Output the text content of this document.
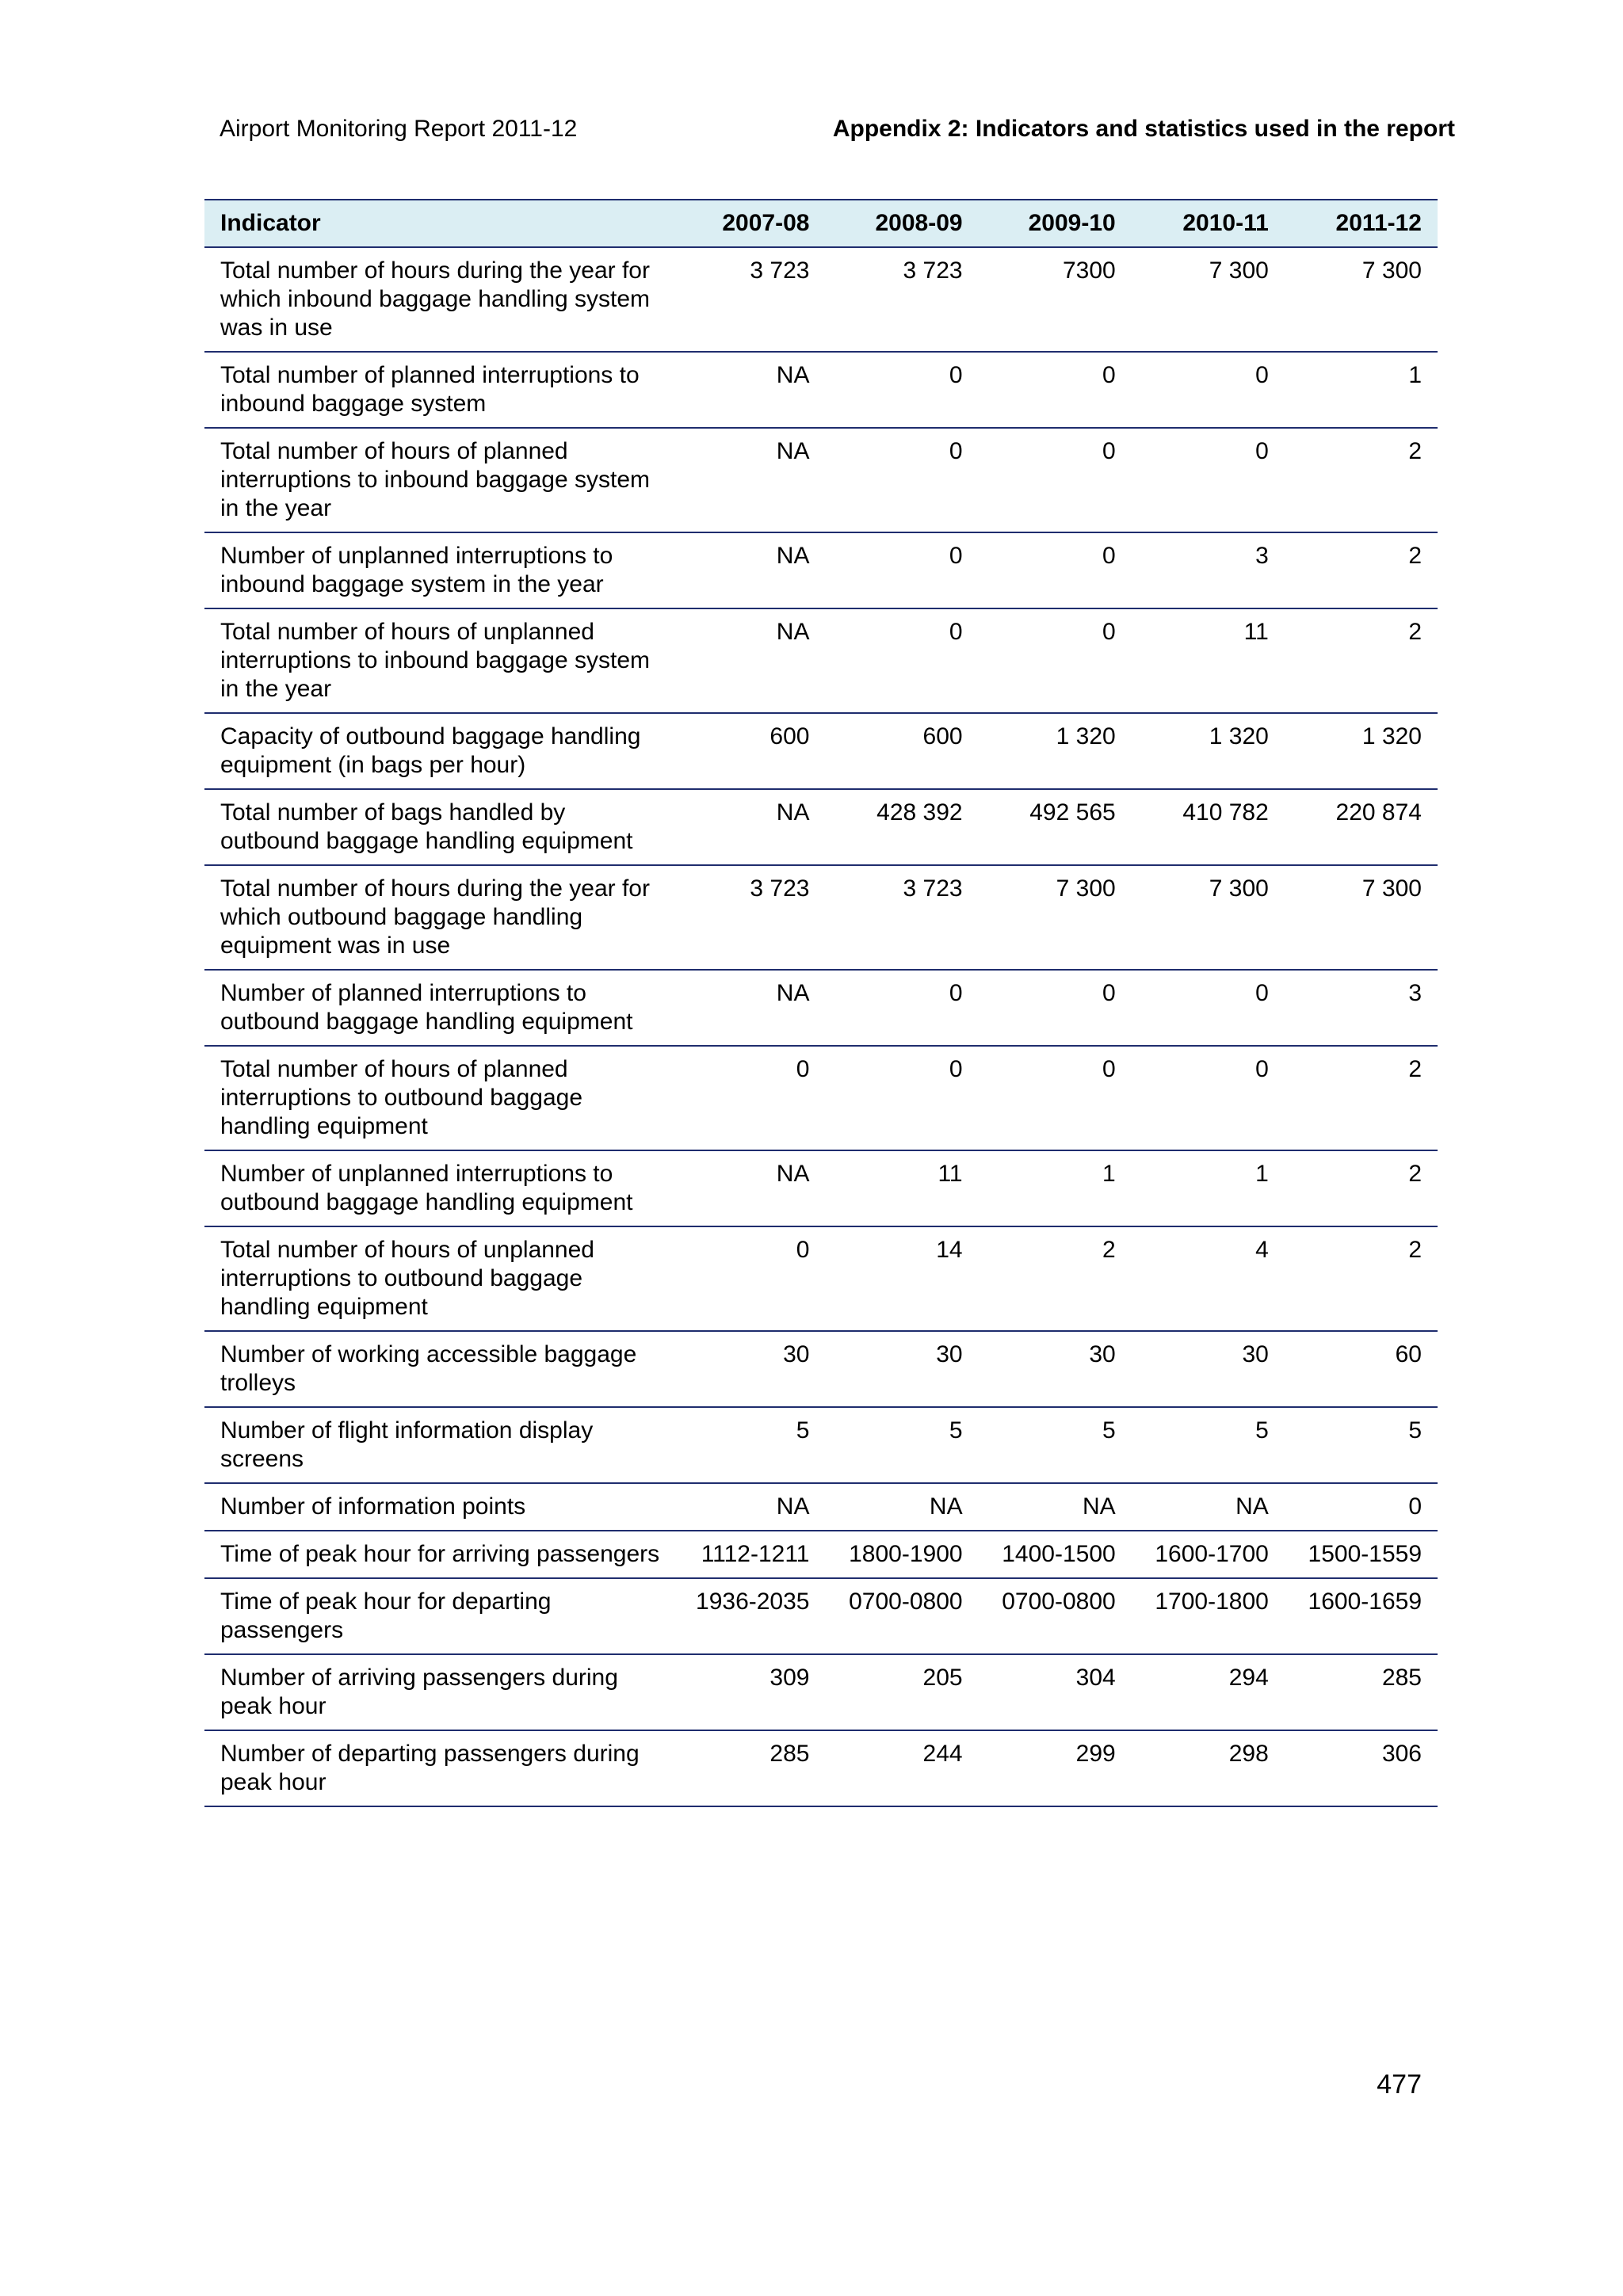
Airport Monitoring Report 2011-12	Appendix 2: Indicators and statistics used in the report
Indicator	2007-08	2008-09	2009-10	2010-11	2011-12
Total number of hours during the year for which inbound baggage handling system was in use	3 723	3 723	7300	7 300	7 300
Total number of planned interruptions to inbound baggage system	NA	0	0	0	1
Total number of hours of planned interruptions to inbound baggage system in the year	NA	0	0	0	2
Number of unplanned interruptions to inbound baggage system in the year	NA	0	0	3	2
Total number of hours of unplanned interruptions to inbound baggage system in the year	NA	0	0	11	2
Capacity of outbound baggage handling equipment (in bags per hour)	600	600	1 320	1 320	1 320
Total number of bags handled by outbound baggage handling equipment	NA	428 392	492 565	410 782	220 874
Total number of hours during the year for which outbound baggage handling equipment was in use	3 723	3 723	7 300	7 300	7 300
Number of planned interruptions to outbound baggage handling equipment	NA	0	0	0	3
Total number of hours of planned interruptions to outbound baggage handling equipment	0	0	0	0	2
Number of unplanned interruptions to outbound baggage handling equipment	NA	11	1	1	2
Total number of hours of unplanned interruptions to outbound baggage handling equipment	0	14	2	4	2
Number of working accessible baggage trolleys	30	30	30	30	60
Number of flight information display screens	5	5	5	5	5
Number of information points	NA	NA	NA	NA	0
Time of peak hour for arriving passengers	1112-1211	1800-1900	1400-1500	1600-1700	1500-1559
Time of peak hour for departing passengers	1936-2035	0700-0800	0700-0800	1700-1800	1600-1659
Number of arriving passengers during peak hour	309	205	304	294	285
Number of departing passengers during peak hour	285	244	299	298	306
477
